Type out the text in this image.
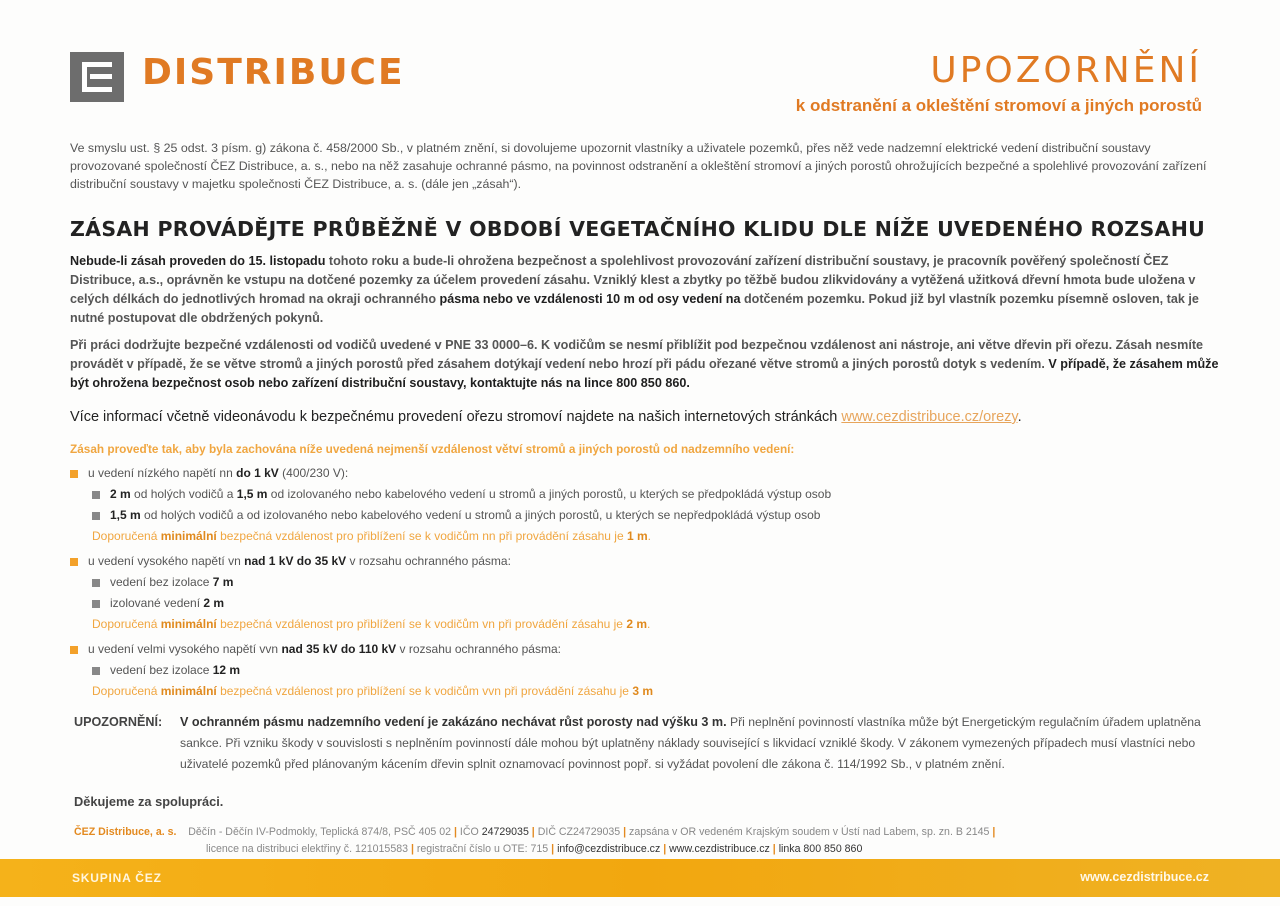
DISTRIBUCE	UPOZORNĚNÍ
k odstranění a okleštění stromoví a jiných porostů
Ve smyslu ust. § 25 odst. 3 písm. g) zákona č. 458/2000 Sb., v platném znění, si dovolujeme upozornit vlastníky a uživatele pozemků, přes něž vede nadzemní elektrické vedení distribuční soustavy provozované společností ČEZ Distribuce, a. s., nebo na něž zasahuje ochranné pásmo, na povinnost odstranění a okleštění stromoví a jiných porostů ohrožujících bezpečné a spolehlivé provozování zařízení distribuční soustavy v majetku společnosti ČEZ Distribuce, a. s. (dále jen „zásah“).
ZÁSAH PROVÁDĚJTE PRŮBĚŽNĚ V OBDOBÍ VEGETAČNÍHO KLIDU DLE NÍŽE UVEDENÉHO ROZSAHU
Nebude-li zásah proveden do 15. listopadu tohoto roku a bude-li ohrožena bezpečnost a spolehlivost provozování zařízení distribuční soustavy, je pracovník pověřený společností ČEZ Distribuce, a.s., oprávněn ke vstupu na dotčené pozemky za účelem provedení zásahu. Vzniklý klest a zbytky po těžbě budou zlikvidovány a vytěžená užitková dřevní hmota bude uložena v celých délkách do jednotlivých hromad na okraji ochranného pásma nebo ve vzdálenosti 10 m od osy vedení na dotčeném pozemku. Pokud již byl vlastník pozemku písemně osloven, tak je nutné postupovat dle obdržených pokynů.
Při práci dodržujte bezpečné vzdálenosti od vodičů uvedené v PNE 33 0000–6. K vodičům se nesmí přiblížit pod bezpečnou vzdálenost ani nástroje, ani větve dřevin při ořezu. Zásah nesmíte provádět v případě, že se větve stromů a jiných porostů před zásahem dotýkají vedení nebo hrozí při pádu ořezané větve stromů a jiných porostů dotyk s vedením. V případě, že zásahem může být ohrožena bezpečnost osob nebo zařízení distribuční soustavy, kontaktujte nás na lince 800 850 860.
Více informací včetně videonávodu k bezpečnému provedení ořezu stromoví najdete na našich internetových stránkách www.cezdistribuce.cz/orezy.
Zásah proveďte tak, aby byla zachována níže uvedená nejmenší vzdálenost větví stromů a jiných porostů od nadzemního vedení:
u vedení nízkého napětí nn do 1 kV (400/230 V):
2 m od holých vodičů a 1,5 m od izolovaného nebo kabelového vedení u stromů a jiných porostů, u kterých se předpokládá výstup osob
1,5 m od holých vodičů a od izolovaného nebo kabelového vedení u stromů a jiných porostů, u kterých se nepředpokládá výstup osob
Doporučená minimální bezpečná vzdálenost pro přiblížení se k vodičům nn při provádění zásahu je 1 m.
u vedení vysokého napětí vn nad 1 kV do 35 kV v rozsahu ochranného pásma:
vedení bez izolace 7 m
izolované vedení 2 m
Doporučená minimální bezpečná vzdálenost pro přiblížení se k vodičům vn při provádění zásahu je 2 m.
u vedení velmi vysokého napětí vvn nad 35 kV do 110 kV v rozsahu ochranného pásma:
vedení bez izolace 12 m
Doporučená minimální bezpečná vzdálenost pro přiblížení se k vodičům vvn při provádění zásahu je 3 m
UPOZORNĚNÍ: V ochranném pásmu nadzemního vedení je zakázáno nechávat růst porosty nad výšku 3 m. Při neplnění povinností vlastníka může být Energetickým regulačním úřadem uplatněna sankce. Při vzniku škody v souvislosti s neplněním povinností dále mohou být uplatněny náklady související s likvidací vzniklé škody. V zákonem vymezených případech musí vlastníci nebo uživatelé pozemků před plánovaným kácením dřevin splnit oznamovací povinnost popř. si vyžádat povolení dle zákona č. 114/1992 Sb., v platném znění.
Děkujeme za spolupráci.
ČEZ Distribuce, a. s. Děčín - Děčín IV-Podmokly, Teplická 874/8, PSČ 405 02 | IČO 24729035 | DIČ CZ24729035 | zapsána v OR vedeném Krajským soudem v Ústí nad Labem, sp. zn. B 2145 |
licence na distribuci elektřiny č. 121015583 | registrační číslo u OTE: 715 | info@cezdistribuce.cz | www.cezdistribuce.cz | linka 800 850 860
SKUPINA ČEZ	www.cezdistribuce.cz
